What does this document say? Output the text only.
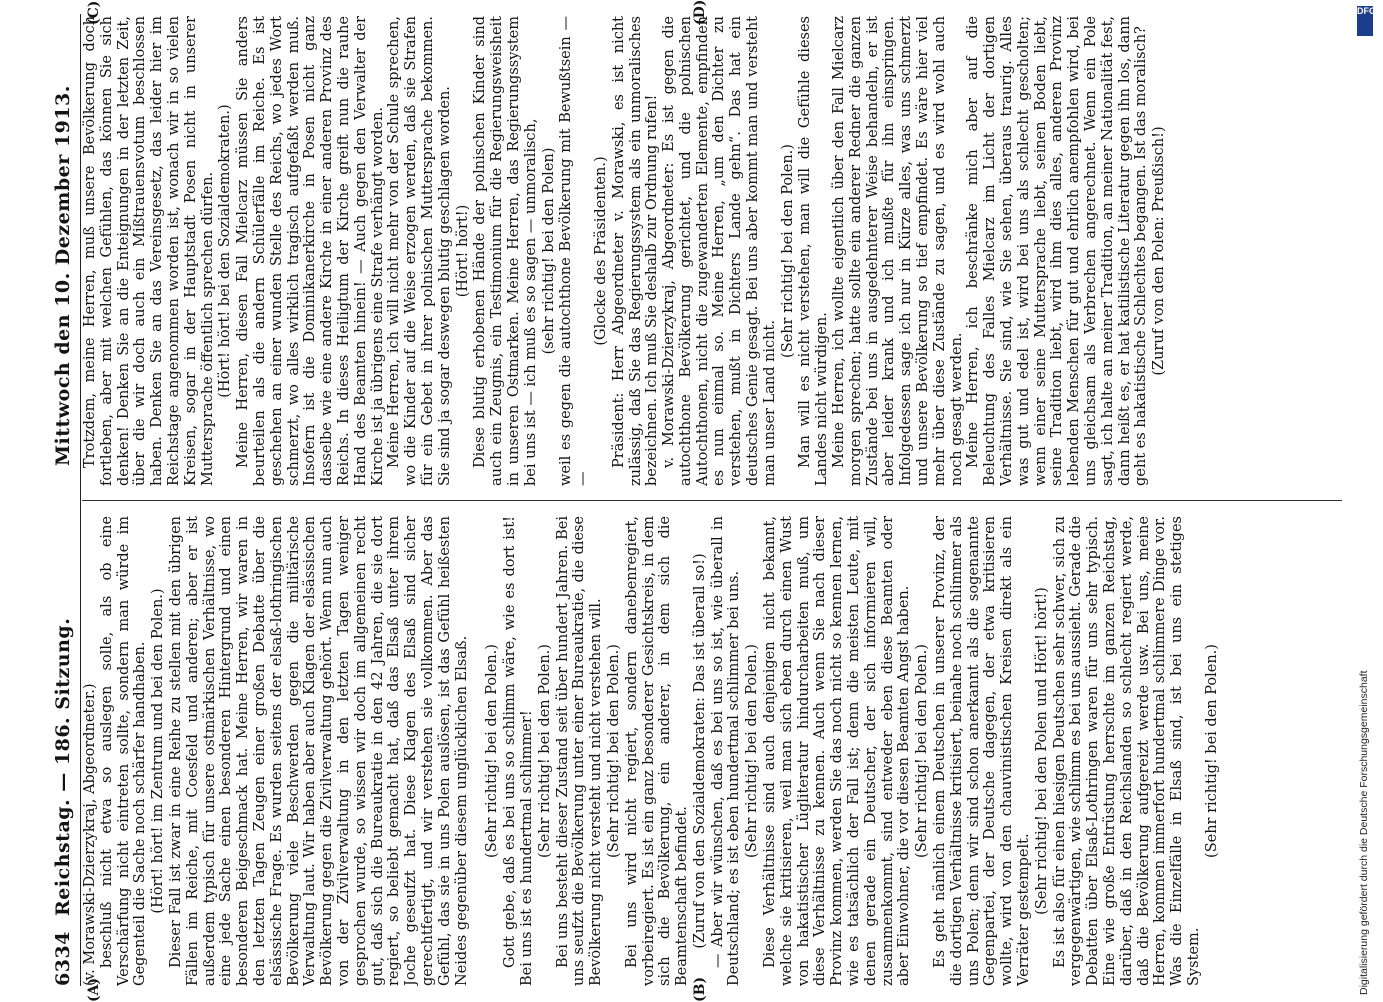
6334
Reichstag. — 186. Sitzung.
Mittwoch den 10. Dezember 1913.
(A)	(B)
(C)	(D)

(v. Morawski-Dzierzykraj, Abgeordneter.) beschluß nicht etwa so auslegen solle, als ob eine Verschärfung nicht eintreten sollte, sondern man würde im Gegenteil die Sache noch schärfer handhaben. (Hört! hört! im Zentrum und bei den Polen.) Dieser Fall ist zwar in eine Reihe zu stellen mit den übrigen Fällen im Reiche, mit Coesfeld und anderen; aber er ist außerdem typisch für unsere ostmärkischen Verhältnisse, wo eine jede Sache einen besonderen Hintergrund und einen besonderen Beigeschmack hat. Meine Herren, wir waren in den letzten Tagen Zeugen einer großen Debatte über die elsässische Frage. Es wurden seitens der elsaß-lothringischen Bevölkerung viele Beschwerden gegen die militärische Verwaltung laut. Wir haben aber auch Klagen der elsässischen Bevölkerung gegen die Zivilverwaltung gehört. Wenn nun auch von der Zivilverwaltung in den letzten Tagen weniger gesprochen wurde, so wissen wir doch im allgemeinen recht gut, daß sich die Bureaukratie in den 42 Jahren, die sie dort regiert, so beliebt gemacht hat, daß das Elsaß unter ihrem Joche geseufzt hat. Diese Klagen des Elsaß sind sicher gerechtfertigt, und wir verstehen sie vollkommen. Aber das Gefühl, das sie in uns Polen auslösen, ist das Gefühl heißesten Neides gegenüber diesem unglücklichen Elsaß. (Sehr richtig! bei den Polen.) Gott gebe, daß es bei uns so schlimm wäre, wie es dort ist! Bei uns ist es hundertmal schlimmer! (Sehr richtig! bei den Polen.) Bei uns besteht dieser Zustand seit über hundert Jahren. Bei uns seufzt die Bevölkerung unter einer Bureaukratie, die diese Bevölkerung nicht versteht und nicht verstehen will. (Sehr richtig! bei den Polen.) Bei uns wird nicht regiert, sondern danebenregiert, vorbeiregiert. Es ist ein ganz besonderer Gesichtskreis, in dem sich die Bevölkerung, ein anderer, in dem sich die Beamtenschaft befindet. (Zuruf von den Sozialdemokraten: Das ist überall so!) — Aber wir wünschen, daß es bei uns so ist, wie überall in Deutschland; es ist eben hundertmal schlimmer bei uns. (Sehr richtig! bei den Polen.) Diese Verhältnisse sind auch denjenigen nicht bekannt, welche sie kritisieren, weil man sich eben durch einen Wust von hakatistischer Lügliteratur hindurcharbeiten muß, um diese Verhältnisse zu kennen. Auch wenn Sie nach dieser Provinz kommen, werden Sie das noch nicht so kennen lernen, wie es tatsächlich der Fall ist; denn die meisten Leute, mit denen gerade ein Deutscher, der sich informieren will, zusammenkommt, sind entweder eben diese Beamten oder aber Einwohner, die vor diesen Beamten Angst haben. (Sehr richtig! bei den Polen.) Es geht nämlich einem Deutschen in unserer Provinz, der die dortigen Verhältnisse kritisiert, beinahe noch schlimmer als uns Polen; denn wir sind schon anerkannt als die sogenannte Gegenpartei, der Deutsche dagegen, der etwa kritisieren wollte, wird von den chauvinistischen Kreisen direkt als ein Verräter gestempelt. (Sehr richtig! bei den Polen und Hört! hört!) Es ist also für einen hiesigen Deutschen sehr schwer, sich zu vergegenwärtigen, wie schlimm es bei uns aussieht. Gerade die Debatten über Elsaß-Lothringen waren für uns sehr typisch. Eine wie große Entrüstung herrschte im ganzen Reichstag, darüber, daß in den Reichslanden so schlecht regiert werde, daß die Bevölkerung aufgereizt werde usw. Bei uns, meine Herren, kommen immerfort hundertmal schlimmere Dinge vor. Was die Einzelfälle in Elsaß sind, ist bei uns ein stetiges System.

(Sehr richtig! bei den Polen.)

Trotzdem, meine Herren, muß unsere Bevölkerung doch fortleben, aber mit welchen Gefühlen, das können Sie sich denken! Denken Sie an die Enteignungen in der letzten Zeit, über die wir doch auch ein Mißtrauensvotum beschlossen haben. Denken Sie an das Vereinsgesetz, das leider hier im Reichstage angenommen worden ist, wonach wir in so vielen Kreisen, sogar in der Hauptstadt Posen nicht in unserer Muttersprache öffentlich sprechen dürfen. (Hört! hört! bei den Sozialdemokraten.) Meine Herren, diesen Fall Mielcarz müssen Sie anders beurteilen als die andern Schülerfälle im Reiche. Es ist geschehen an einer wunden Stelle des Reichs, wo jedes Wort schmerzt, wo alles wirklich tragisch aufgefaßt werden muß. Insofern ist die Dominikanerkirche in Posen nicht ganz dasselbe wie eine andere Kirche in einer anderen Provinz des Reichs. In dieses Heiligtum der Kirche greift nun die rauhe Hand des Beamten hinein! — Auch gegen den Verwalter der Kirche ist ja übrigens eine Strafe verhängt worden. Meine Herren, ich will nicht mehr von der Schule sprechen, wo die Kinder auf die Weise erzogen werden, daß sie Strafen für ein Gebet in ihrer polnischen Muttersprache bekommen. Sie sind ja sogar deswegen blutig geschlagen worden. (Hört! hört!) Diese blutig erhobenen Hände der polnischen Kinder sind auch ein Zeugnis, ein Testimonium für die Regierungsweisheit in unseren Ostmarken. Meine Herren, das Regierungssystem bei uns ist — ich muß es so sagen — unmoralisch, (sehr richtig! bei den Polen) weil es gegen die autochthone Bevölkerung mit Bewußtsein — —

(Glocke des Präsidenten.) Präsident: Herr Abgeordneter v. Morawski, es ist nicht zulässig, daß Sie das Regierungssystem als ein unmoralisches bezeichnen. Ich muß Sie deshalb zur Ordnung rufen! v. Morawski-Dzierzykraj, Abgeordneter: Es ist gegen die autochthone Bevölkerung gerichtet, und die polnischen Autochthonen, nicht die zugewanderten Elemente, empfinden es nun einmal so. Meine Herren, „um den Dichter zu verstehen, mußt in Dichters Lande gehn“. Das hat ein deutsches Genie gesagt. Bei uns aber kommt man und versteht man unser Land nicht.

(Sehr richtig! bei den Polen.) Man will es nicht verstehen, man will die Gefühle dieses Landes nicht würdigen. Meine Herren, ich wollte eigentlich über den Fall Mielcarz morgen sprechen; hatte sollte ein anderer Redner die ganzen Zustände bei uns in ausgedehnterer Weise behandeln, er ist aber leider krank und ich mußte für ihn einspringen. Infolgedessen sage ich nur in Kürze alles, was uns schmerzt und unsere Bevölkerung so tief empfindet. Es wäre hier viel mehr über diese Zustände zu sagen, und es wird wohl auch noch gesagt werden. Meine Herren, ich beschränke mich aber auf die Beleuchtung des Falles Mielcarz im Licht der dortigen Verhältnisse. Sie sind, wie Sie sehen, überaus traurig. Alles was gut und edel ist, wird bei uns als schlecht gescholten; wenn einer seine Muttersprache liebt, seinen Boden liebt, seine Tradition liebt, wird ihm dies alles, anderen Provinz lebenden Menschen für gut und ehrlich anempfohlen wird, bei uns gleichsam als Verbrechen angerechnet. Wenn ein Pole sagt, ich halte an meiner Tradition, an meiner Nationalität fest, dann heißt es, er hat katilistische Literatur gegen ihn los, dann geht es hakatistische Schlechtes begangen. Ist das moralisch? (Zuruf von den Polen: Preußisch!)

DFG
Digitalisierung gefördert durch die Deutsche Forschungsgemeinschaft
